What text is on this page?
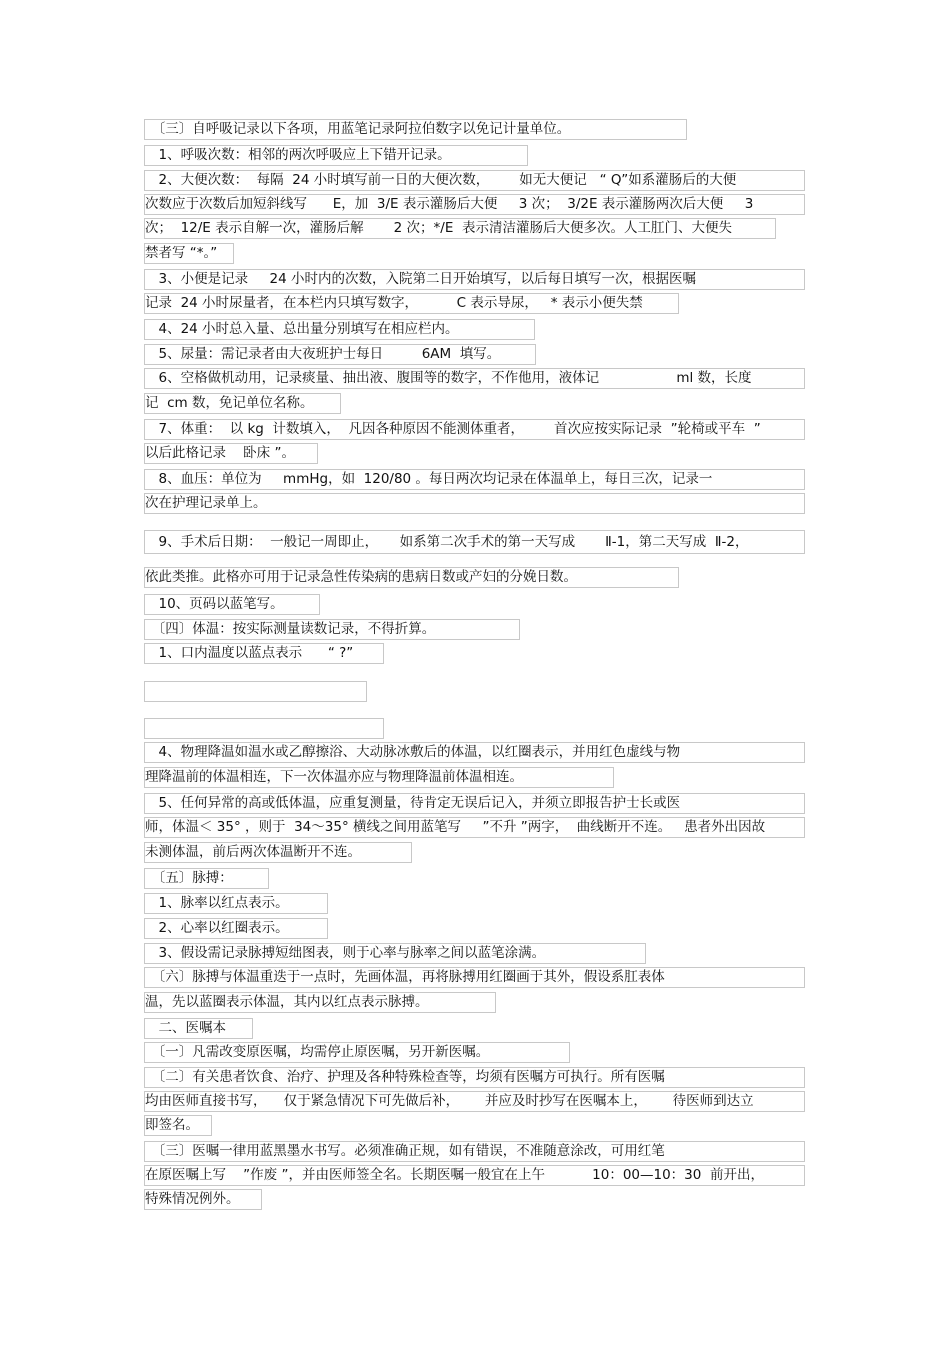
　〔三〕自呼吸记录以下各项，用蓝笔记录阿拉伯数字以免记计量单位。
　1、呼吸次数：相邻的两次呼吸应上下错开记录。
　2、大便次数：  每隔  24 小时填写前一日的大便次数，       如无大便记   “ Q”如系灌肠后的大便
次数应于次数后加短斜线写      E，加  3/E 表示灌肠后大便     3 次；  3/2E 表示灌肠两次后大便     3
次；  12/E 表示自解一次，灌肠后解       2 次；*/E  表示清洁灌肠后大便多次。人工肛门、大便失
禁者写 “*。”
　3、小便是记录     24 小时内的次数，入院第二日开始填写，以后每日填写一次，根据医嘱
记录  24 小时尿量者，在本栏内只填写数字，         C 表示导尿，   * 表示小便失禁
　4、24 小时总入量、总出量分别填写在相应栏内。
　5、尿量：需记录者由大夜班护士每日         6AM  填写。
　6、空格做机动用，记录痰量、抽出液、腹围等的数字，不作他用，液体记                  ml 数，长度
记  cm 数，免记单位名称。
　7、体重：  以 kg  计数填入，  凡因各种原因不能测体重者，       首次应按实际记录  ”轮椅或平车  ”
以后此格记录    卧床 ”。
　8、血压：单位为     mmHg，如  120/80 。每日两次均记录在体温单上，每日三次，记录一
次在护理记录单上。
　9、手术后日期：  一般记一周即止，     如系第二次手术的第一天写成       Ⅱ-1，第二天写成  Ⅱ-2，
依此类推。此格亦可用于记录急性传染病的患病日数或产妇的分娩日数。
　10、页码以蓝笔写。
　〔四〕体温：按实际测量读数记录，不得折算。
　1、口内温度以蓝点表示      “ ?”

　4、物理降温如温水或乙醇擦浴、大动脉冰敷后的体温，以红圈表示，并用红色虚线与物
理降温前的体温相连，下一次体温亦应与物理降温前体温相连。
　5、任何异常的高或低体温，应重复测量，待肯定无误后记入，并须立即报告护士长或医
师，体温＜ 35° ，则于  34～35° 横线之间用蓝笔写     ”不升 ”两字，  曲线断开不连。   患者外出因故
未测体温，前后两次体温断开不连。
　〔五〕脉搏：
　1、脉率以红点表示。
　2、心率以红圈表示。
　3、假设需记录脉搏短绌图表，则于心率与脉率之间以蓝笔涂满。
　〔六〕脉搏与体温重迭于一点时，先画体温，再将脉搏用红圈画于其外，假设系肛表体
温，先以蓝圈表示体温，其内以红点表示脉搏。
　二、医嘱本
　〔一〕凡需改变原医嘱，均需停止原医嘱，另开新医嘱。
　〔二〕有关患者饮食、治疗、护理及各种特殊检查等，均须有医嘱方可执行。所有医嘱
均由医师直接书写，    仅于紧急情况下可先做后补，      并应及时抄写在医嘱本上，      待医师到达立
即签名。
　〔三〕医嘱一律用蓝黑墨水书写。必须准确正规，如有错误，不准随意涂改，可用红笔
在原医嘱上写    ”作废 ”，并由医师签全名。长期医嘱一般宜在上午           10：00—10：30  前开出，
特殊情况例外。
